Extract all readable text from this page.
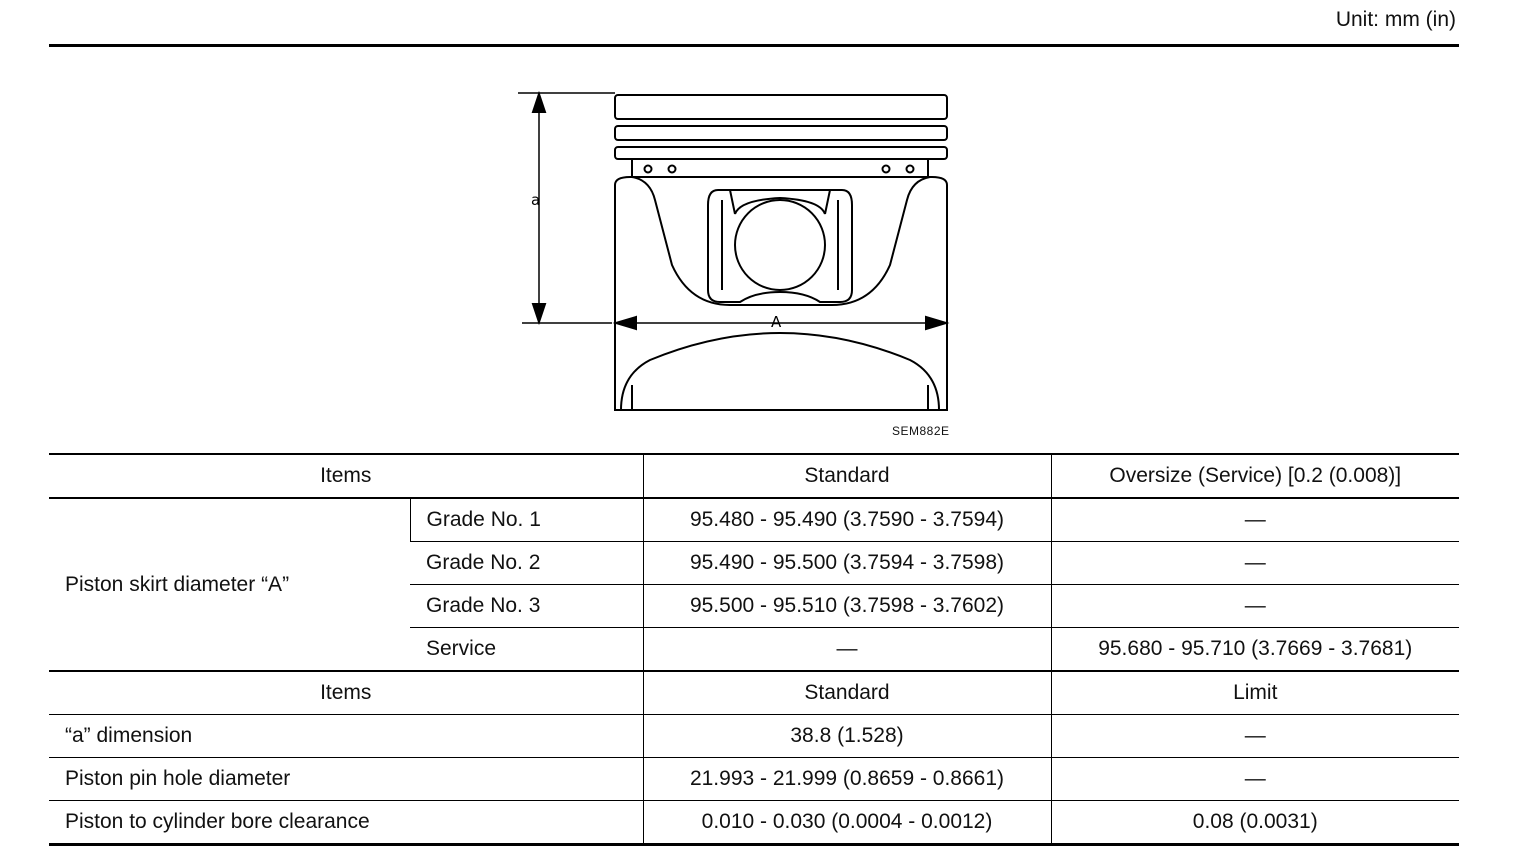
Unit: mm (in)
a
A
SEM882E
Items		Standard	Oversize (Service) [0.2 (0.008)]
Piston skirt diameter “A”	Grade No. 1	95.480 - 95.490 (3.7590 - 3.7594)	—
	Grade No. 2	95.490 - 95.500 (3.7594 - 3.7598)	—
	Grade No. 3	95.500 - 95.510 (3.7598 - 3.7602)	—
	Service	—	95.680 - 95.710 (3.7669 - 3.7681)
Items		Standard	Limit
“a” dimension		38.8 (1.528)	—
Piston pin hole diameter		21.993 - 21.999 (0.8659 - 0.8661)	—
Piston to cylinder bore clearance		0.010 - 0.030 (0.0004 - 0.0012)	0.08 (0.0031)
